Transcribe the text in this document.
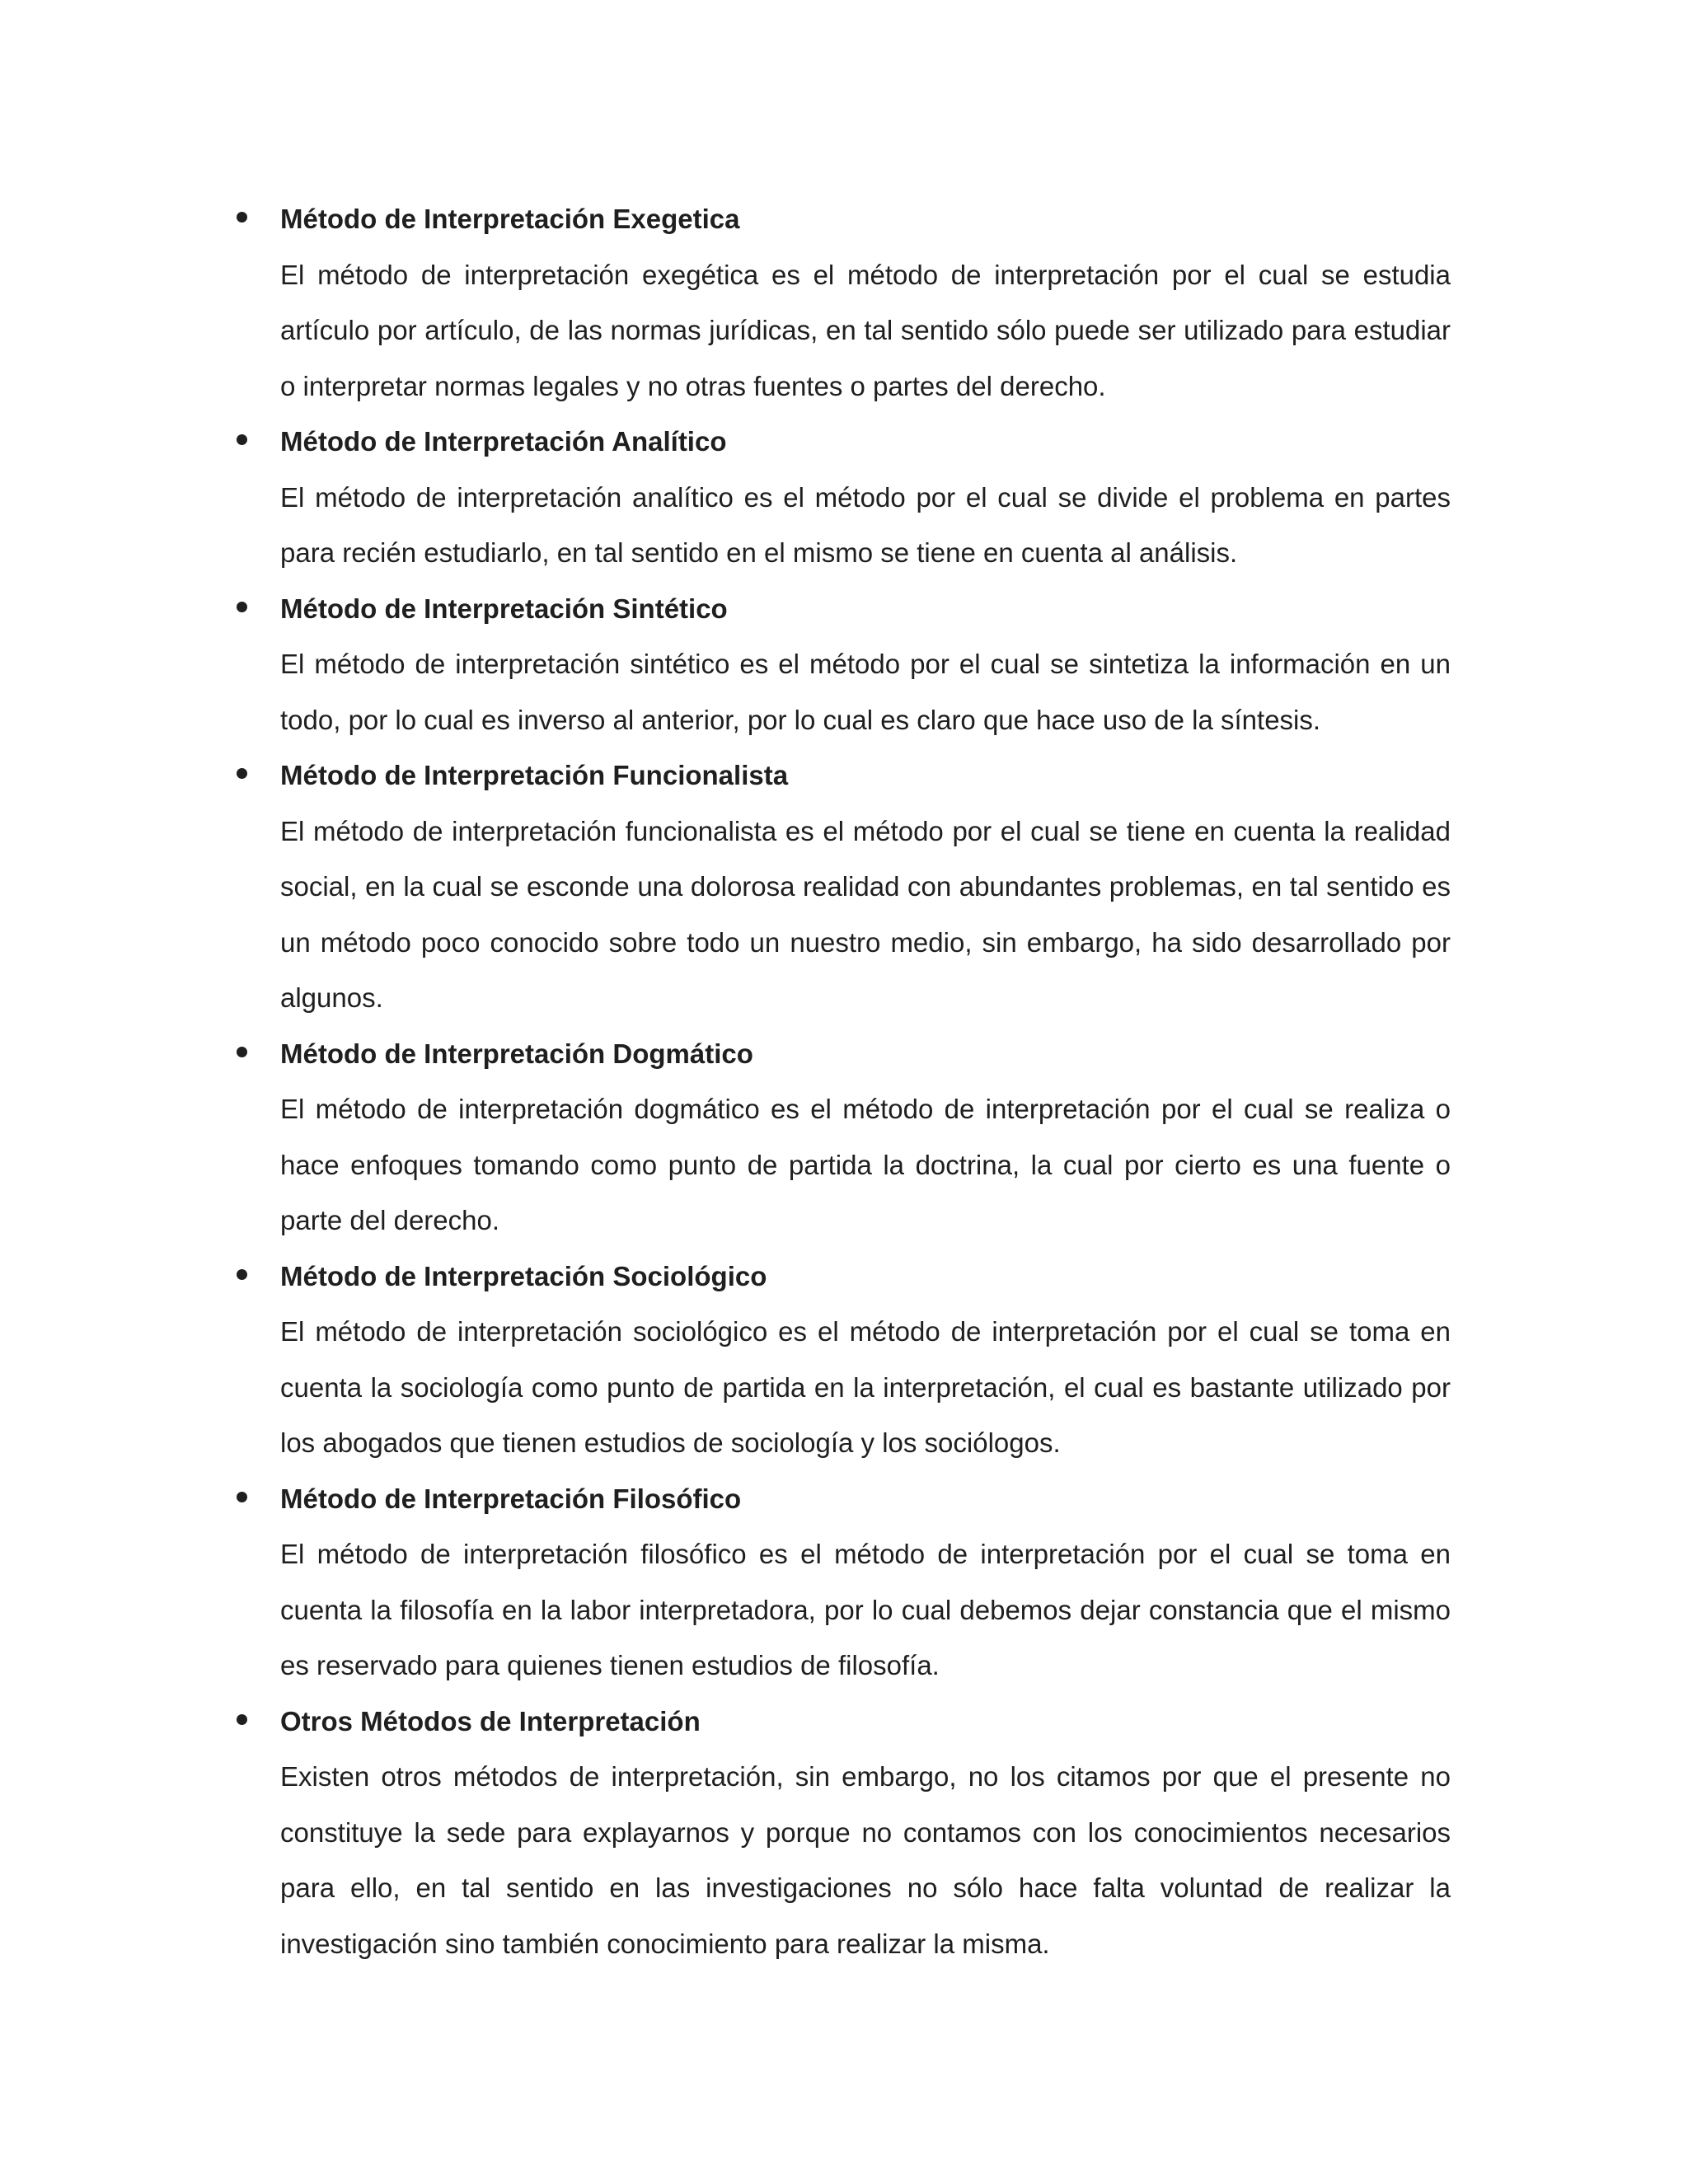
Método de Interpretación Exegetica
El método de interpretación exegética es el método de interpretación por el cual se estudia artículo por artículo, de las normas jurídicas, en tal sentido sólo puede ser utilizado para estudiar o interpretar normas legales y no otras fuentes o partes del derecho.
Método de Interpretación Analítico
El método de interpretación analítico es el método por el cual se divide el problema en partes para recién estudiarlo, en tal sentido en el mismo se tiene en cuenta al análisis.
Método de Interpretación Sintético
El método de interpretación sintético es el método por el cual se sintetiza la información en un todo, por lo cual es inverso al anterior, por lo cual es claro que hace uso de la síntesis.
Método de Interpretación Funcionalista
El método de interpretación funcionalista es el método por el cual se tiene en cuenta la realidad social, en la cual se esconde una dolorosa realidad con abundantes problemas, en tal sentido es un método poco conocido sobre todo un nuestro medio, sin embargo, ha sido desarrollado por algunos.
Método de Interpretación Dogmático
El método de interpretación dogmático es el método de interpretación por el cual se realiza o hace enfoques tomando como punto de partida la doctrina, la cual por cierto es una fuente o parte del derecho.
Método de Interpretación Sociológico
El método de interpretación sociológico es el método de interpretación por el cual se toma en cuenta la sociología como punto de partida en la interpretación, el cual es bastante utilizado por los abogados que tienen estudios de sociología y los sociólogos.
Método de Interpretación Filosófico
El método de interpretación filosófico es el método de interpretación por el cual se toma en cuenta la filosofía en la labor interpretadora, por lo cual debemos dejar constancia que el mismo es reservado para quienes tienen estudios de filosofía.
Otros Métodos de Interpretación
Existen otros métodos de interpretación, sin embargo, no los citamos por que el presente no constituye la sede para explayarnos y porque no contamos con los conocimientos necesarios para ello, en tal sentido en las investigaciones no sólo hace falta voluntad de realizar la investigación sino también conocimiento para realizar la misma.
